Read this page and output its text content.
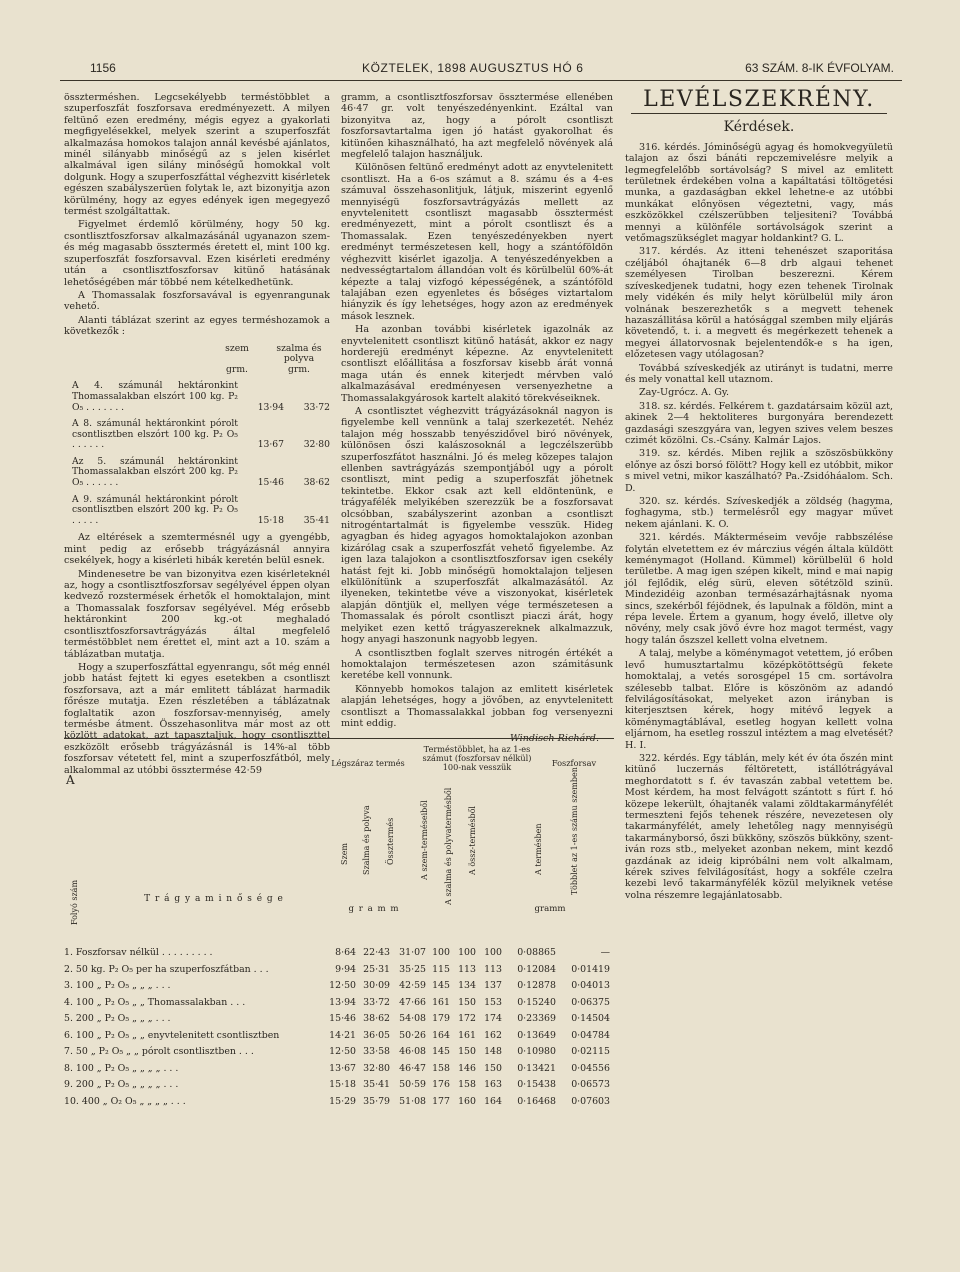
1156	KÖZTELEK, 1898 AUGUSZTUS HÓ 6	63 SZÁM. 8-IK ÉVFOLYAM.

összterméshen. Legcsekélyebb terméstöbblet a szuperfoszfát foszforsava eredményezett. A milyen feltünő ezen eredmény, mégis egyez a gyakorlati megfigyelésekkel, melyek szerint a szuperfoszfát alkalmazása homokos talajon annál kevésbé ajánlatos, minél silányabb minőségű az s jelen kisérlet alkalmával igen silány minőségű homokkal volt dolgunk. Hogy a szuperfoszfáttal véghezvitt kisérletek egészen szabályszerüen folytak le, azt bizonyitja azon körülmény, hogy az egyes edények igen megegyező termést szolgáltattak.

Figyelmet érdemlő körülmény, hogy 50 kg. csontlisztfoszforsav alkalmazásánál ugyanazon szem- és még magasabb össztermés éretett el, mint 100 kg. szuperfoszfát foszforsavval. Ezen kisérleti eredmény után a csontlisztfoszforsav kitünő hatásának lehetőségében már többé nem kételkedhetünk.

A Thomassalak foszforsavával is egyenrangunak vehető.

Alanti táblázat szerint az egyes terméshozamok a következők :

szem	szalma és polyva
grm.	grm.
A 4. számunál hektáronkint Thomassalakban elszórt 100 kg. P₂ O₅ . . . . . . .	13·94	33·72
A 8. számunál hektáronkint pórolt csontlisztben elszórt 100 kg. P₂ O₅ . . . . . .	13·67	32·80
Az 5. számunál hektáronkint Thomassalakban elszórt 200 kg. P₂ O₅ . . . . . .	15·46	38·62
A 9. számunál hektáronkint pórolt csontlisztben elszórt 200 kg. P₂ O₅ . . . . .	15·18	35·41

Az eltérések a szemtermésnél ugy a gyengébb, mint pedig az erősebb trágyázásnál annyira csekélyek, hogy a kisérleti hibák keretén belül esnek.

Mindenesetre be van bizonyitva ezen kisérleteknél az, hogy a csontlisztfoszforsav segélyével éppen olyan kedvező rozstermések érhetők el homoktalajon, mint a Thomassalak foszforsav segélyével. Még erősebb hektáronkint 200 kg.-ot meghaladó csontlisztfoszforsavtrágyázás által megfelelő terméstöbblet nem érettet el, mint azt a 10. szám a táblázatban mutatja.

Hogy a szuperfoszfáttal egyenrangu, sőt még ennél jobb hatást fejtett ki egyes esetekben a csontliszt foszforsava, azt a már emlitett táblázat harmadik főrésze mutatja. Ezen részletében a táblázatnak foglaltatik azon foszforsav-mennyiség, amely termésbe átment. Összehasonlitva már most az ott közlött adatokat, azt tapasztaljuk, hogy csontliszttel eszközölt erősebb trágyázásnál is 14%-al több foszforsav vétetett fel, mint a szuperfoszfátból, mely alkalommal az utóbbi össztermése 42·59

gramm, a csontlisztfoszforsav össztermése ellenében 46·47 gr. volt tenyészedényenkint. Ezáltal van bizonyitva az, hogy a pórolt csontliszt foszforsavtartalma igen jó hatást gyakorolhat és kitünően kihasználható, ha azt megfelelő növények alá megfelelő talajon használjuk.

Különösen feltünő eredményt adott az enyvtelenitett csontliszt. Ha a 6-os számut a 8. számu és a 4-es számuval összehasonlitjuk, látjuk, miszerint egyenlő mennyiségü foszforsavtrágyázás mellett az enyvtelenitett csontliszt magasabb össztermést eredményezett, mint a pórolt csontliszt és a Thomassalak. Ezen tenyészedényekben nyert eredményt természetesen kell, hogy a szántóföldön véghezvitt kisérlet igazolja. A tenyészedényekben a nedvességtartalom állandóan volt és körülbelül 60%-át képezte a talaj vizfogó képességének, a szántóföld talajában ezen egyenletes és bőséges viztartalom hiányzik és így lehetséges, hogy azon az eredmények mások lesznek.

Ha azonban további kisérletek igazolnák az enyvtelenitett csontliszt kitünő hatását, akkor ez nagy horderejü eredményt képezne. Az enyvtelenitett csontliszt előállitása a foszforsav kisebb árát vonná maga után és ennek kiterjedt mérvben való alkalmazásával eredményesen versenyezhetne a Thomassalakgyárosok kartelt alakitó törekvéseiknek.

A csontlisztet véghezvitt trágyázásoknál nagyon is figyelembe kell vennünk a talaj szerkezetét. Nehéz talajon még hosszabb tenyészidővel biró növények, különösen őszi kalászosoknál a legczélszerübb szuperfoszfátot használni. Jó és meleg közepes talajon ellenben savtrágyázás szempontjából ugy a pórolt csontliszt, mint pedig a szuperfoszfát jöhetnek tekintetbe. Ekkor csak azt kell eldöntenünk, e trágyafélék melyikében szerezzük be a foszforsavat olcsóbban, szabályszerint azonban a csontliszt nitrogéntartalmát is figyelembe vesszük. Hideg agyagban és hideg agyagos homoktalajokon azonban kizárólag csak a szuperfoszfát vehető figyelembe. Az igen laza talajokon a csontlisztfoszforsav igen csekély hatást fejt ki. Jobb minőségü homoktalajon teljesen elkülönítünk a szuperfoszfát alkalmazásától. Az ilyeneken, tekintetbe véve a viszonyokat, kisérletek alapján döntjük el, mellyen vége természetesen a Thomassalak és pórolt csontliszt piaczi árát, hogy melyiket ezen kettő trágyaszereknek alkalmazzuk, hogy anyagi haszonunk nagyobb legyen.

A csontlisztben foglalt szerves nitrogén értékét a homoktalajon természetesen azon számitásunk keretébe kell vonnunk.

Könnyebb homokos talajon az emlitett kisérletek alapján lehetséges, hogy a jövőben, az enyvtelenitett csontliszt a Thomassalakkal jobban fog versenyezni mint eddig.

Windisch Richárd.
LEVÉLSZEKRÉNY.
Kérdések.

316. kérdés. Jóminőségü agyag és homokvegyületü talajon az őszi bánáti repczemivelésre melyik a legmegfelelőbb sortávolság? S mivel az emlitett területnek érdekében volna a kapáltatási töltögetési munka, a gazdaságban ekkel lehetne-e az utóbbi munkákat előnyösen végeztetni, vagy, más eszközökkel czélszerübben teljesiteni? Továbbá mennyi a különféle sortávolságok szerint a vetőmagszükséglet magyar holdankint? G. L.

317. kérdés. Az itteni tehenészet szaporitása czéljából óhajtanék 6—8 drb algaui tehenet személyesen Tirolban beszerezni. Kérem szíveskedjenek tudatni, hogy ezen tehenek Tirolnak mely vidékén és mily helyt körülbelül mily áron volnának beszerezhetők s a megvett tehenek hazaszállitása körül a hatósággal szemben mily eljárás követendő, t. i. a megvett és megérkezett tehenek a megyei állatorvosnak bejelentendők-e s ha igen, előzetesen vagy utólagosan?

Továbbá szíveskedjék az utirányt is tudatni, merre és mely vonattal kell utaznom.

Zay-Ugrócz. A. Gy.

318. sz. kérdés. Felkérem t. gazdatársaim közül azt, akinek 2—4 hektoliteres burgonyára berendezett gazdasági szeszgyára van, legyen szives velem beszes czimét közölni. Cs.-Csány. Kalmár Lajos.

319. sz. kérdés. Miben rejlik a szöszösbükköny előnye az őszi borsó fölött? Hogy kell ez utóbbit, mikor s mivel vetni, mikor kaszálható? Pa.-Zsidóháalom. Sch. D.

320. sz. kérdés. Szíveskedjék a zöldség (hagyma, foghagyma, stb.) termelésről egy magyar művet nekem ajánlani. K. O.

321. kérdés. Mákterméseim vevője rabbszélése folytán elvetettem ez év márczius végén általa küldött keménymagot (Holland. Kümmel) körülbelül 6 hold területbe. A mag igen szépen kikelt, mind e mai napig jól fejlődik, elég sürü, eleven sötétzöld szinü. Mindezidéig azonban termésazárhajtásnak nyoma sincs, szekérből féjödnek, és lapulnak a földön, mint a répa levele. Értem a gyanum, hogy évelő, illetve oly növény, mely csak jövő évre hoz magot termést, vagy hogy talán őszszel kellett volna elvetnem.

A talaj, melybe a köménymagot vetettem, jó erőben levő humusztartalmu középkötöttségü fekete homoktalaj, a vetés sorosgépel 15 cm. sortávolra szélesebb talbat. Előre is köszönöm az adandó felvilágosításokat, melyeket azon irányban is kiterjesztsen kérek, hogy mitévő legyek a köménymagtáblával, esetleg hogyan kellett volna eljárnom, ha esetleg rosszul intéztem a mag elvetését? H. I.

322. kérdés. Egy táblán, mely két év óta őszén mint kitünő luczernás féltöretett, istállótrágyával meghordatott s f. év tavaszán zabbal vetettem be. Most kérdem, ha most felvágott szántott s fúrt f. hó közepe lekerült, óhajtanék valami zöldtakarmányfélét termeszteni fejős tehenek részére, nevezetesen oly takarmányfélét, amely lehetőleg nagy mennyiségü takarmányborsó, őszi bükköny, szöszös bükköny, szent-iván rozs stb., melyeket azonban nekem, mint kezdő gazdának az ideig kipróbálni nem volt alkalmam, kérek szives felvilágosítást, hogy a sokféle czelra kezebi levő takarmányfélék közül melyiknek vetése volna részemre legajánlatosabb.

A
Légszáraz termés
Terméstöbblet, ha az 1-es számut (foszforsav nélkül) 100-nak vesszük	Foszforsav
Folyó szám	T r á g y a m i n ő s é g e
Szem Szalma és polyva Össztermés	A szem-terméseiből A szalma és polyvatermésből A össz-termésből	A termésben	Többlet az 1-es számu szemben
g r a m m	gramm
1. Foszforsav nélkül . . . . . . . . .	8·64 22·43 31·07 100 100 100	0·08865	—
2. 50 kg. P₂ O₅ per ha szuperfoszfátban . . .	9·94 25·31 35·25 115 113 113	0·12084	0·01419
3. 100 „ P₂ O₅ „ „ „ . . .	12·50 30·09 42·59 145 134 137	0·12878	0·04013
4. 100 „ P₂ O₅ „ „ Thomassalakban . . .	13·94 33·72 47·66 161 150 153	0·15240	0·06375
5. 200 „ P₂ O₅ „ „ „ . . .	15·46 38·62 54·08 179 172 174	0·23369	0·14504
6. 100 „ P₂ O₅ „ „ enyvtelenitett csontlisztben	14·21 36·05 50·26 164 161 162	0·13649	0·04784
7. 50 „ P₂ O₅ „ „ pórolt csontlisztben . . .	12·50 33·58 46·08 145 150 148	0·10980	0·02115
8. 100 „ P₂ O₅ „ „ „ „ . . .	13·67 32·80 46·47 158 146 150	0·13421	0·04556
9. 200 „ P₂ O₅ „ „ „ „ . . .	15·18 35·41 50·59 176 158 163	0·15438	0·06573
10. 400 „ O₂ O₅ „ „ „ „ . . .	15·29 35·79 51·08 177 160 164	0·16468	0·07603
